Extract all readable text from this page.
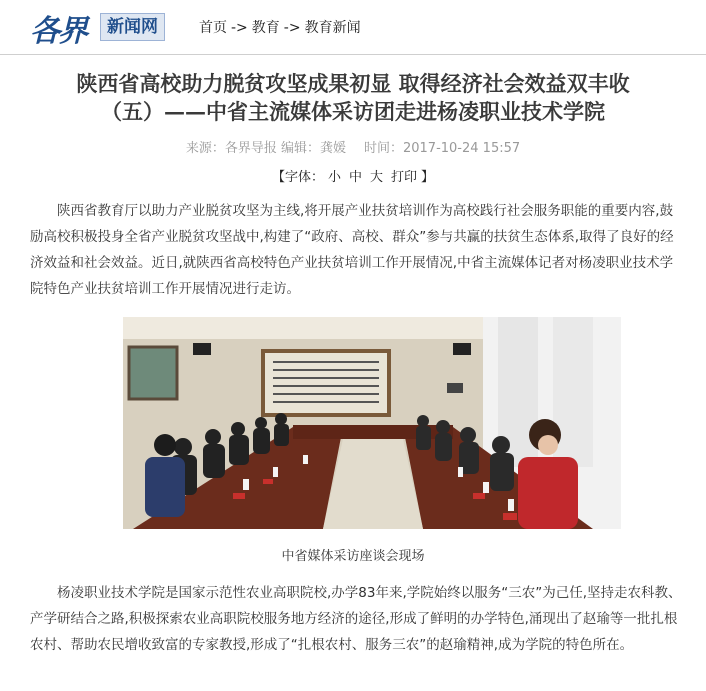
各界	新闻网	首页 -> 教育 -> 教育新闻
陕西省高校助力脱贫攻坚成果初显 取得经济社会效益双丰收
（五）——中省主流媒体采访团走进杨凌职业技术学院
来源：各界导报 编辑：龚媛 时间：2017-10-24 15:57
【字体： 小 中 大 打印 】

陕西省教育厅以助力产业脱贫攻坚为主线,将开展产业扶贫培训作为高校践行社会服务职能的重要内容,鼓励高校积极投身全省产业脱贫攻坚战中,构建了“政府、高校、群众”参与共赢的扶贫生态体系,取得了良好的经济效益和社会效益。近日,就陕西省高校特色产业扶贫培训工作开展情况,中省主流媒体记者对杨凌职业技术学院特色产业扶贫培训工作开展情况进行走访。

中省媒体采访座谈会现场

杨凌职业技术学院是国家示范性农业高职院校,办学83年来,学院始终以服务“三农”为己任,坚持走农科教、产学研结合之路,积极探索农业高职院校服务地方经济的途径,形成了鲜明的办学特色,涌现出了赵瑜等一批扎根农村、帮助农民增收致富的专家教授,形成了“扎根农村、服务三农”的赵瑜精神,成为学院的特色所在。
